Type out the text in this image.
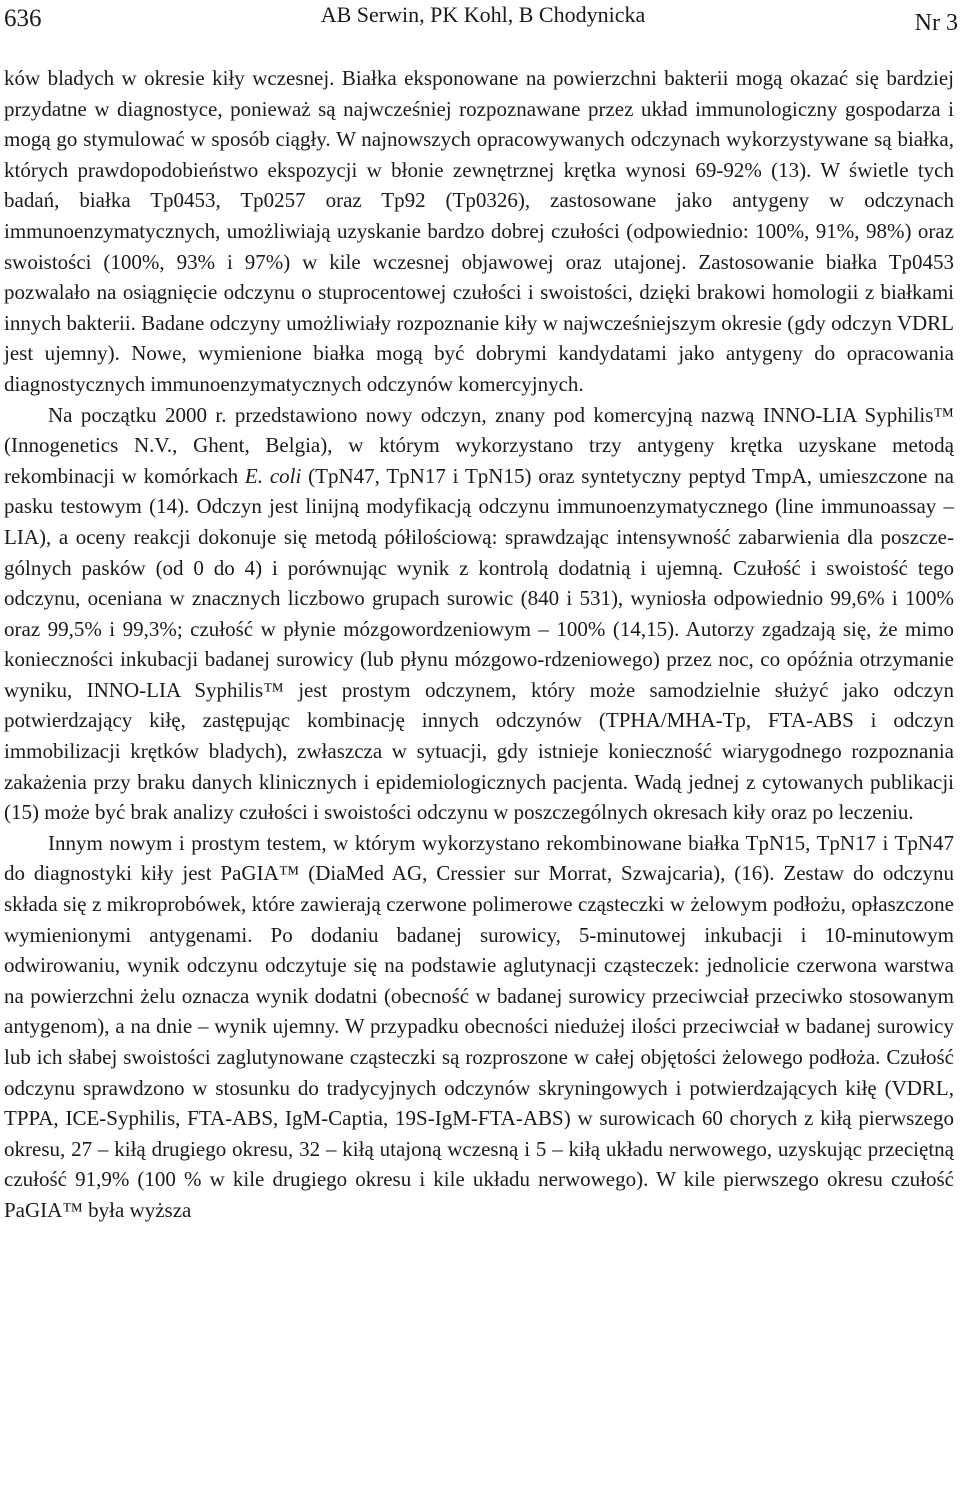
636	AB Serwin, PK Kohl, B Chodynicka	Nr 3

ków bladych w okresie kiły wczesnej. Białka eksponowane na powierzchni bakterii mogą okazać się bardziej przydatne w diagnostyce, ponieważ są najwcześniej rozpoznawane przez układ immunologiczny gospodarza i mogą go stymulować w sposób ciągły. W najnowszych opracowywanych odczynach wykorzystywane są białka, których prawdopodobieństwo ekspozycji w błonie zewnętrznej krętka wynosi 69-92% (13). W świetle tych badań, białka Tp0453, Tp0257 oraz Tp92 (Tp0326), zastosowane jako antygeny w odczynach immunoenzymatycznych, umożliwiają uzyskanie bardzo dobrej czułości (odpowiednio: 100%, 91%, 98%) oraz swoistości (100%, 93% i 97%) w kile wczesnej objawowej oraz utajonej. Zastosowanie białka Tp0453 pozwalało na osiągnięcie odczynu o stuprocentowej czułości i swoistości, dzięki brakowi homologii z białkami innych bakterii. Badane odczyny umożliwiały rozpoznanie kiły w najwcześniejszym okresie (gdy odczyn VDRL jest ujemny). Nowe, wymienione białka mogą być dobrymi kandydatami jako antygeny do opracowania diagnostycznych immunoenzymatycznych odczynów komercyjnych.

Na początku 2000 r. przedstawiono nowy odczyn, znany pod komercyjną nazwą INNO-LIA Syphilis™ (Innogenetics N.V., Ghent, Belgia), w którym wykorzystano trzy antygeny krętka uzyskane metodą rekombinacji w komórkach E. coli (TpN47, TpN17 i TpN15) oraz syntetyczny peptyd TmpA, umieszczone na pasku testowym (14). Odczyn jest linijną modyfikacją odczynu immunoenzymatycznego (line immunoassay – LIA), a oceny reakcji dokonuje się metodą półilościową: sprawdzając intensywność zabarwienia dla poszczególnych pasków (od 0 do 4) i porównując wynik z kontrolą dodatnią i ujemną. Czułość i swoistość tego odczynu, oceniana w znacznych liczbowo grupach surowic (840 i 531), wyniosła odpowiednio 99,6% i 100% oraz 99,5% i 99,3%; czułość w płynie mózgowordzeniowym – 100% (14,15). Autorzy zgadzają się, że mimo konieczności inkubacji badanej surowicy (lub płynu mózgowo-rdzeniowego) przez noc, co opóźnia otrzymanie wyniku, INNO-LIA Syphilis™ jest prostym odczynem, który może samodzielnie służyć jako odczyn potwierdzający kiłę, zastępując kombinację innych odczynów (TPHA/MHA-Tp, FTA-ABS i odczyn immobilizacji krętków bladych), zwłaszcza w sytuacji, gdy istnieje konieczność wiarygodnego rozpoznania zakażenia przy braku danych klinicznych i epidemiologicznych pacjenta. Wadą jednej z cytowanych publikacji (15) może być brak analizy czułości i swoistości odczynu w poszczególnych okresach kiły oraz po leczeniu.

Innym nowym i prostym testem, w którym wykorzystano rekombinowane białka TpN15, TpN17 i TpN47 do diagnostyki kiły jest PaGIA™ (DiaMed AG, Cressier sur Morrat, Szwajcaria), (16). Zestaw do odczynu składa się z mikroprobówek, które zawierają czerwone polimerowe cząsteczki w żelowym podłożu, opłaszczone wymienionymi antygenami. Po dodaniu badanej surowicy, 5-minutowej inkubacji i 10-minutowym odwirowaniu, wynik odczynu odczytuje się na podstawie aglutynacji cząsteczek: jednolicie czerwona warstwa na powierzchni żelu oznacza wynik dodatni (obecność w badanej surowicy przeciwciał przeciwko stosowanym antygenom), a na dnie – wynik ujemny. W przypadku obecności niedużej ilości przeciwciał w badanej surowicy lub ich słabej swoistości zaglutynowane cząsteczki są rozproszone w całej objętości żelowego podłoża. Czułość odczynu sprawdzono w stosunku do tradycyjnych odczynów skryningowych i potwierdzających kiłę (VDRL, TPPA, ICE-Syphilis, FTA-ABS, IgM-Captia, 19S-IgM-FTA-ABS) w surowicach 60 chorych z kiłą pierwszego okresu, 27 – kiłą drugiego okresu, 32 – kiłą utajoną wczesną i 5 – kiłą układu nerwowego, uzyskując przeciętną czułość 91,9% (100 % w kile drugiego okresu i kile układu nerwowego). W kile pierwszego okresu czułość PaGIA™ była wyższa
